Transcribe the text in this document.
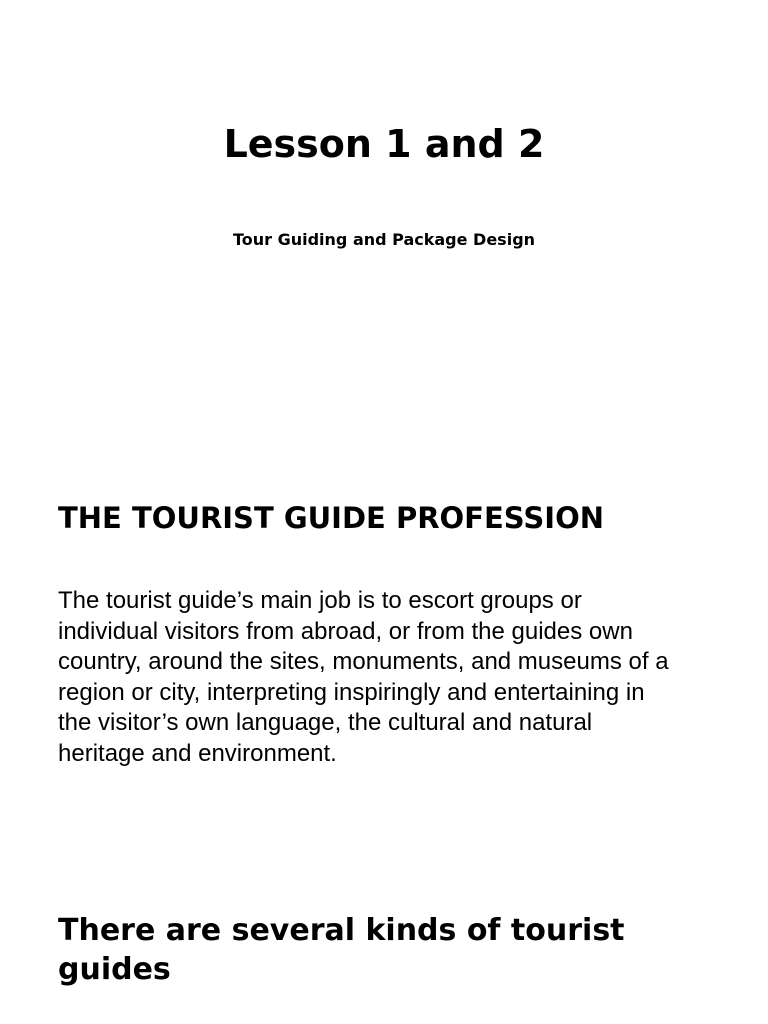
Lesson 1 and 2

Tour Guiding and Package Design

THE TOURIST GUIDE PROFESSION

The tourist guide’s main job is to escort groups or
individual visitors from abroad, or from the guides own
country, around the sites, monuments, and museums of a
region or city, interpreting inspiringly and entertaining in
the visitor’s own language, the cultural and natural
heritage and environment.

There are several kinds of tourist
guides
